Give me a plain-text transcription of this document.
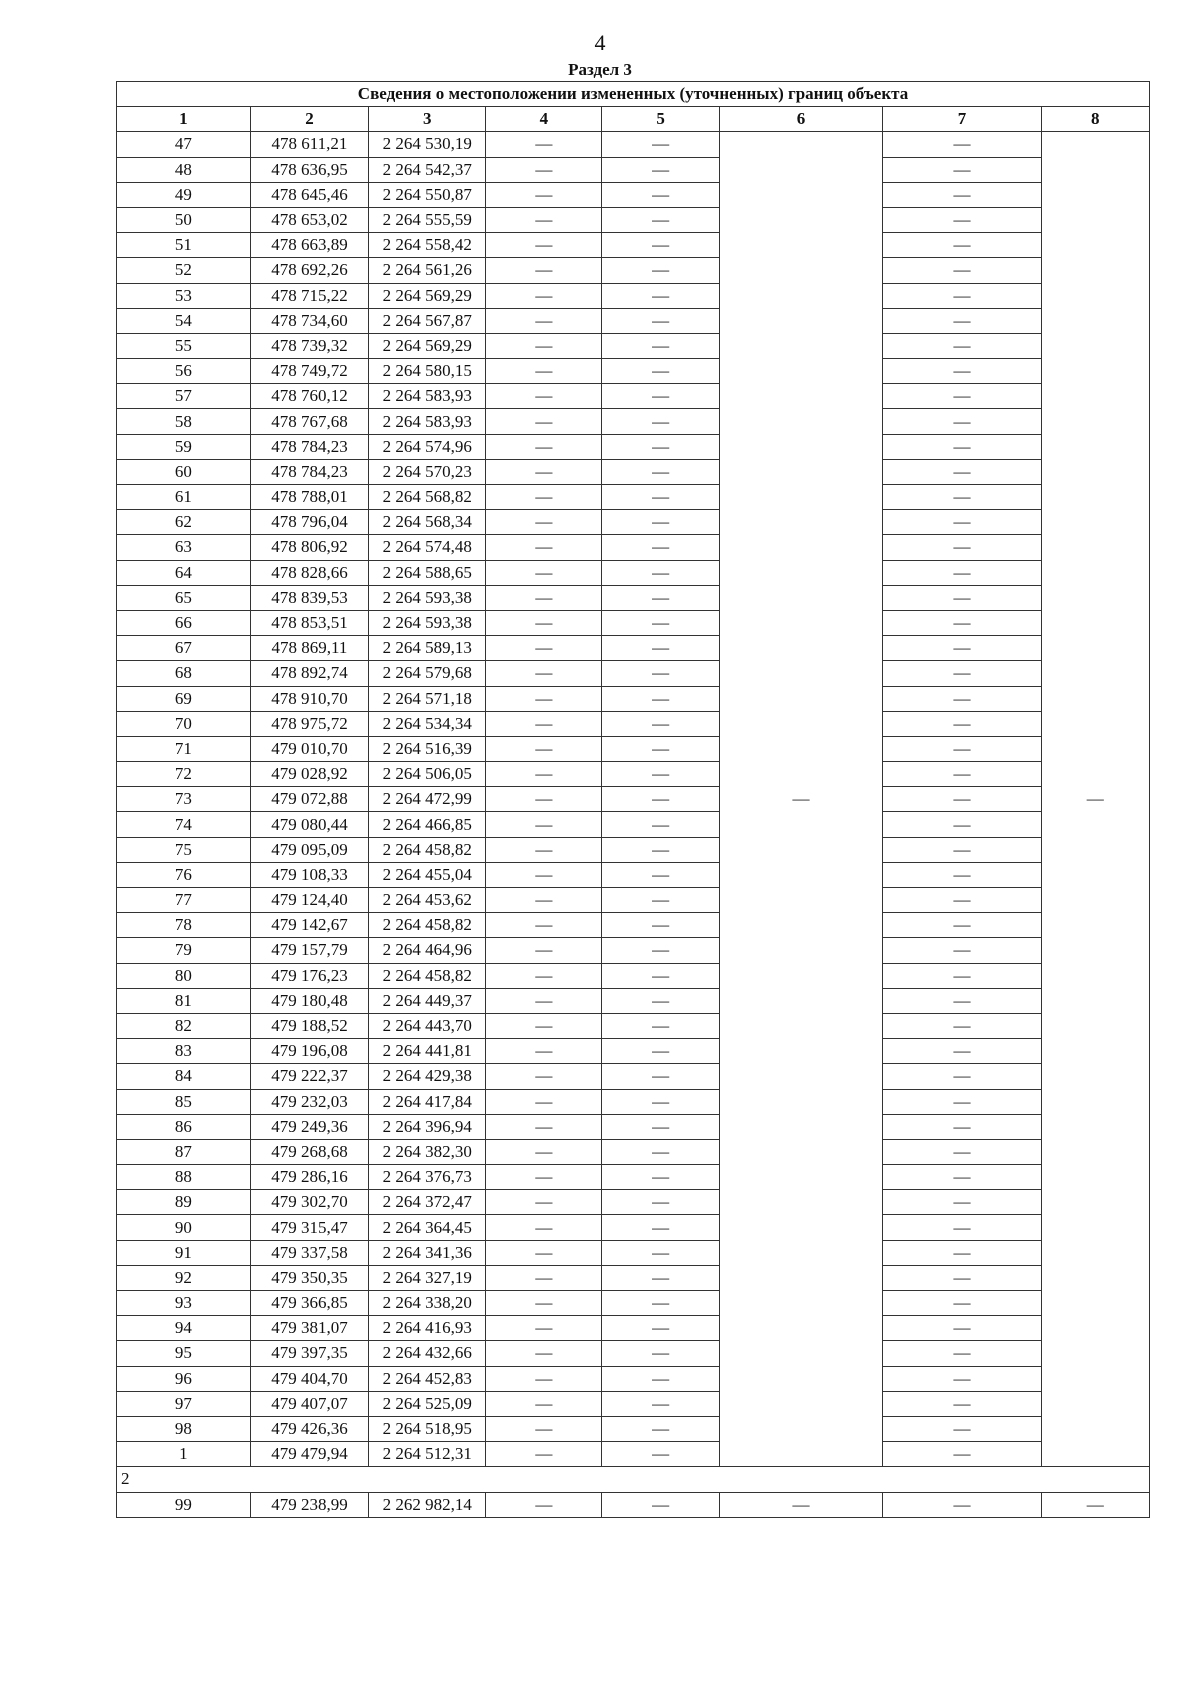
4
Раздел 3
Сведения о местоположении измененных (уточненных) границ объекта							
1	2	3	4	5	6	7	8
47	478 611,21	2 264 530,19	—	—	—	—	—
48	478 636,95	2 264 542,37	—	—		—	
49	478 645,46	2 264 550,87	—	—		—	
50	478 653,02	2 264 555,59	—	—		—	
51	478 663,89	2 264 558,42	—	—		—	
52	478 692,26	2 264 561,26	—	—		—	
53	478 715,22	2 264 569,29	—	—		—	
54	478 734,60	2 264 567,87	—	—		—	
55	478 739,32	2 264 569,29	—	—		—	
56	478 749,72	2 264 580,15	—	—		—	
57	478 760,12	2 264 583,93	—	—		—	
58	478 767,68	2 264 583,93	—	—		—	
59	478 784,23	2 264 574,96	—	—		—	
60	478 784,23	2 264 570,23	—	—		—	
61	478 788,01	2 264 568,82	—	—		—	
62	478 796,04	2 264 568,34	—	—		—	
63	478 806,92	2 264 574,48	—	—		—	
64	478 828,66	2 264 588,65	—	—		—	
65	478 839,53	2 264 593,38	—	—		—	
66	478 853,51	2 264 593,38	—	—		—	
67	478 869,11	2 264 589,13	—	—		—	
68	478 892,74	2 264 579,68	—	—		—	
69	478 910,70	2 264 571,18	—	—		—	
70	478 975,72	2 264 534,34	—	—		—	
71	479 010,70	2 264 516,39	—	—		—	
72	479 028,92	2 264 506,05	—	—		—	
73	479 072,88	2 264 472,99	—	—		—	
74	479 080,44	2 264 466,85	—	—		—	
75	479 095,09	2 264 458,82	—	—		—	
76	479 108,33	2 264 455,04	—	—		—	
77	479 124,40	2 264 453,62	—	—		—	
78	479 142,67	2 264 458,82	—	—		—	
79	479 157,79	2 264 464,96	—	—		—	
80	479 176,23	2 264 458,82	—	—		—	
81	479 180,48	2 264 449,37	—	—		—	
82	479 188,52	2 264 443,70	—	—		—	
83	479 196,08	2 264 441,81	—	—		—	
84	479 222,37	2 264 429,38	—	—		—	
85	479 232,03	2 264 417,84	—	—		—	
86	479 249,36	2 264 396,94	—	—		—	
87	479 268,68	2 264 382,30	—	—		—	
88	479 286,16	2 264 376,73	—	—		—	
89	479 302,70	2 264 372,47	—	—		—	
90	479 315,47	2 264 364,45	—	—		—	
91	479 337,58	2 264 341,36	—	—		—	
92	479 350,35	2 264 327,19	—	—		—	
93	479 366,85	2 264 338,20	—	—		—	
94	479 381,07	2 264 416,93	—	—		—	
95	479 397,35	2 264 432,66	—	—		—	
96	479 404,70	2 264 452,83	—	—		—	
97	479 407,07	2 264 525,09	—	—		—	
98	479 426,36	2 264 518,95	—	—		—	
1	479 479,94	2 264 512,31	—	—		—	
2							
99	479 238,99	2 262 982,14	—	—	—	—	—
